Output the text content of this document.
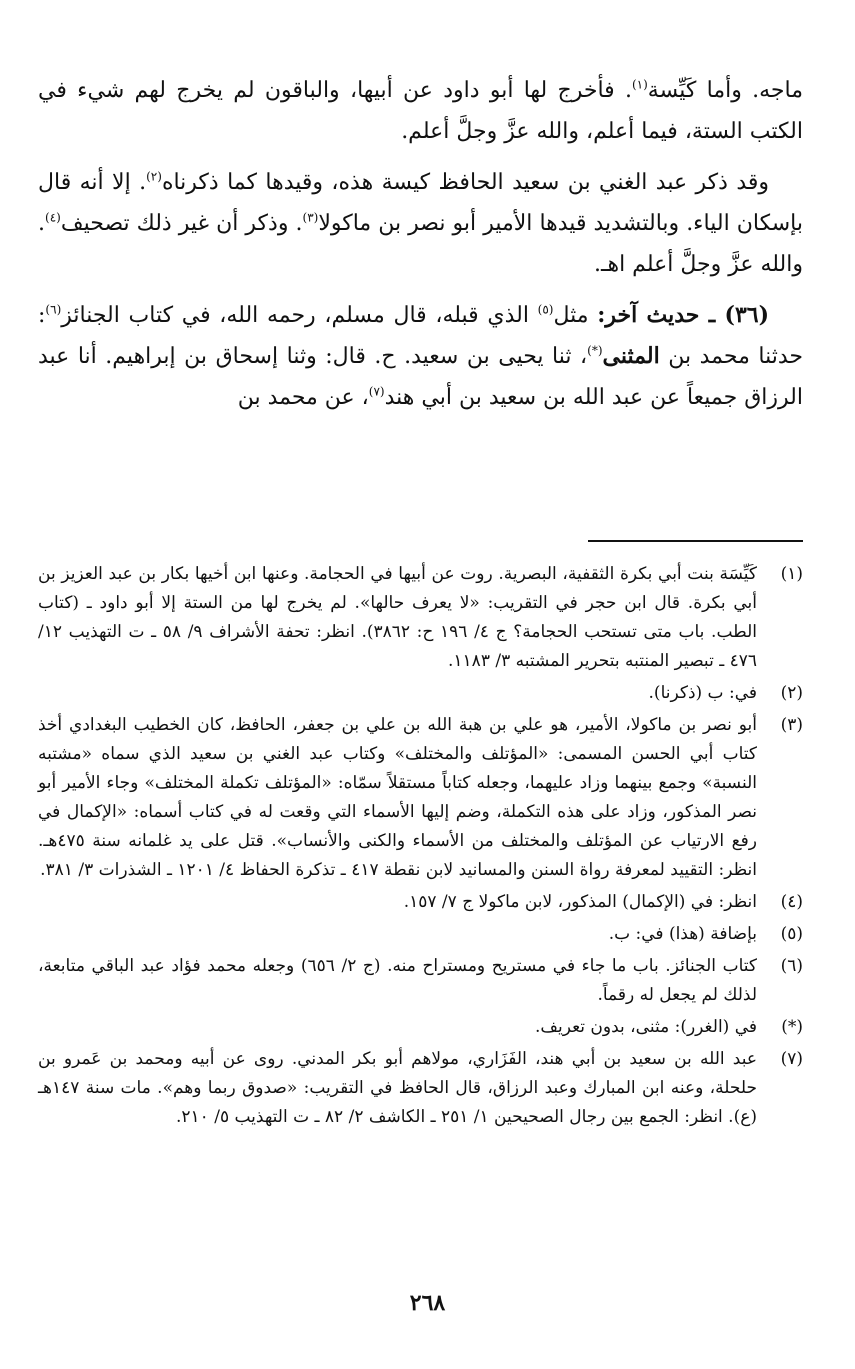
ماجه. وأما كَيِّسة$^{(١)}$. فأخرج لها أبو داود عن أبيها، والباقون لم يخرج لهم شيء في الكتب الستة، فيما أعلم، والله عزَّ وجلَّ أعلم.

وقد ذكر عبد الغني بن سعيد الحافظ كيسة هذه، وقيدها كما ذكرناه$^{(٢)}$. إلا أنه قال بإسكان الياء. وبالتشديد قيدها الأمير أبو نصر بن ماكولا$^{(٣)}$. وذكر أن غير ذلك تصحيف$^{(٤)}$. والله عزَّ وجلَّ أعلم اهـ.

(٣٦) ـ حديث آخر: مثل$^{(٥)}$ الذي قبله، قال مسلم، رحمه الله، في كتاب الجنائز$^{(٦)}$: حدثنا محمد بن المثنى(*)، ثنا يحيى بن سعيد. ح. قال: وثنا إسحاق بن إبراهيم. أنا عبد الرزاق جميعاً عن عبد الله بن سعيد بن أبي هند$^{(٧)}$، عن محمد بن

(١)
كَيِّسَة بنت أبي بكرة الثقفية، البصرية. روت عن أبيها في الحجامة. وعنها ابن أخيها بكار بن عبد العزيز بن أبي بكرة. قال ابن حجر في التقريب: «لا يعرف حالها». لم يخرج لها من الستة إلا أبو داود ـ (كتاب الطب. باب متى تستحب الحجامة؟ ج ٤/ ١٩٦ ح: ٣٨٦٢). انظر: تحفة الأشراف ٩/ ٥٨ ـ ت التهذيب ١٢/ ٤٧٦ ـ تبصير المنتبه بتحرير المشتبه ٣/ ١١٨٣.
(٢)
في: ب (ذكرنا).
(٣)
أبو نصر بن ماكولا، الأمير، هو علي بن هبة الله بن علي بن جعفر، الحافظ، كان الخطيب البغدادي أخذ كتاب أبي الحسن المسمى: «المؤتلف والمختلف» وكتاب عبد الغني بن سعيد الذي سماه «مشتبه النسبة» وجمع بينهما وزاد عليهما، وجعله كتاباً مستقلاً سمّاه: «المؤتلف تكملة المختلف» وجاء الأمير أبو نصر المذكور، وزاد على هذه التكملة، وضم إليها الأسماء التي وقعت له في كتاب أسماه: «الإكمال في رفع الارتياب عن المؤتلف والمختلف من الأسماء والكنى والأنساب». قتل على يد غلمانه سنة ٤٧٥هـ. انظر: التقييد لمعرفة رواة السنن والمسانيد لابن نقطة ٤١٧ ـ تذكرة الحفاظ ٤/ ١٢٠١ ـ الشذرات ٣/ ٣٨١.
(٤)
انظر: في (الإكمال) المذكور، لابن ماكولا ج ٧/ ١٥٧.
(٥)
بإضافة (هذا) في: ب.
(٦)
كتاب الجنائز. باب ما جاء في مستريح ومستراح منه. (ج ٢/ ٦٥٦) وجعله محمد فؤاد عبد الباقي متابعة، لذلك لم يجعل له رقماً.
(*)
في (الغرر): مثنى، بدون تعريف.
(٧)
عبد الله بن سعيد بن أبي هند، الفَزَاري، مولاهم أبو بكر المدني. روى عن أبيه ومحمد بن عَمرو بن حلحلة، وعنه ابن المبارك وعبد الرزاق، قال الحافظ في التقريب: «صدوق ربما وهم». مات سنة ١٤٧هـ (ع). انظر: الجمع بين رجال الصحيحين ١/ ٢٥١ ـ الكاشف ٢/ ٨٢ ـ ت التهذيب ٥/ ٢١٠.
٢٦٨
